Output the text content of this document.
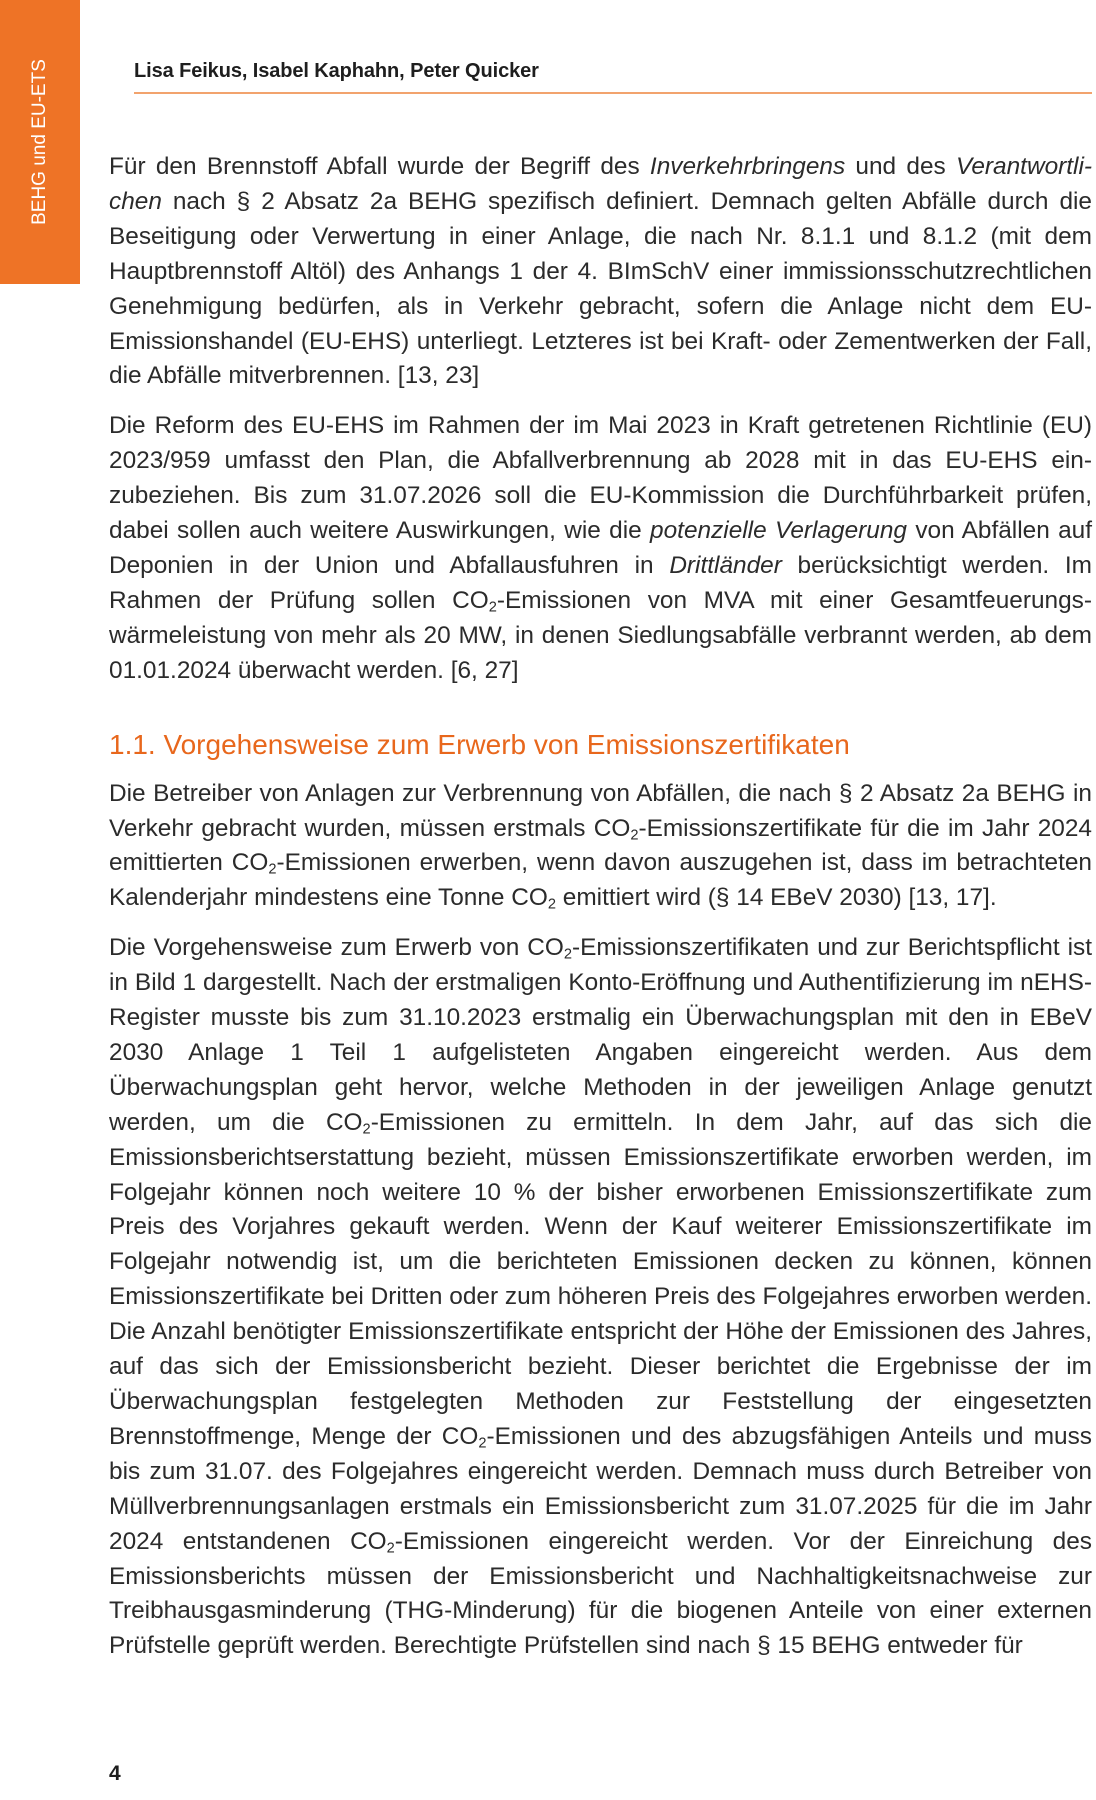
BEHG und EU-ETS	Lisa Feikus, Isabel Kaphahn, Peter Quicker

Für den Brennstoff Abfall wurde der Begriff des Inverkehrbringens und des Verantwortlichen nach § 2 Absatz 2a BEHG spezifisch definiert. Demnach gelten Abfälle durch die Beseitigung oder Verwertung in einer Anlage, die nach Nr. 8.1.1 und 8.1.2 (mit dem Hauptbrennstoff Altöl) des Anhangs 1 der 4. BImSchV einer immissionsschutzrechtlichen Genehmigung bedürfen, als in Verkehr gebracht, sofern die Anlage nicht dem EU-Emissionshandel (EU-EHS) unterliegt. Letzteres ist bei Kraft- oder Zementwerken der Fall, die Abfälle mitverbrennen. [13, 23]

Die Reform des EU-EHS im Rahmen der im Mai 2023 in Kraft getretenen Richtlinie (EU) 2023/959 umfasst den Plan, die Abfallverbrennung ab 2028 mit in das EU-EHS einzubeziehen. Bis zum 31.07.2026 soll die EU-Kommission die Durchführbarkeit prüfen, dabei sollen auch weitere Auswirkungen, wie die potenzielle Verlagerung von Abfällen auf Deponien in der Union und Abfallausfuhren in Drittländer berücksichtigt werden. Im Rahmen der Prüfung sollen $CO_2$-Emissionen von MVA mit einer Gesamtfeuerungswärmeleistung von mehr als 20 MW, in denen Siedlungsabfälle verbrannt werden, ab dem 01.01.2024 überwacht werden. [6, 27]

1.1. Vorgehensweise zum Erwerb von Emissionszertifikaten

Die Betreiber von Anlagen zur Verbrennung von Abfällen, die nach § 2 Absatz 2a BEHG in Verkehr gebracht wurden, müssen erstmals $CO_2$-Emissionszertifikate für die im Jahr 2024 emittierten $CO_2$-Emissionen erwerben, wenn davon auszugehen ist, dass im betrachteten Kalenderjahr mindestens eine Tonne $CO_2$ emittiert wird (§ 14 EBeV 2030) [13, 17].

Die Vorgehensweise zum Erwerb von $CO_2$-Emissionszertifikaten und zur Berichtspflicht ist in Bild 1 dargestellt. Nach der erstmaligen Konto-Eröffnung und Authentifizierung im nEHS-Register musste bis zum 31.10.2023 erstmalig ein Überwachungsplan mit den in EBeV 2030 Anlage 1 Teil 1 aufgelisteten Angaben eingereicht werden. Aus dem Überwachungsplan geht hervor, welche Methoden in der jeweiligen Anlage genutzt werden, um die $CO_2$-Emissionen zu ermitteln. In dem Jahr, auf das sich die Emissionsberichtserstattung bezieht, müssen Emissionszertifikate erworben werden, im Folgejahr können noch weitere 10 % der bisher erworbenen Emissionszertifikate zum Preis des Vorjahres gekauft werden. Wenn der Kauf weiterer Emissionszertifikate im Folgejahr notwendig ist, um die berichteten Emissionen decken zu können, können Emissionszertifikate bei Dritten oder zum höheren Preis des Folgejahres erworben werden. Die Anzahl benötigter Emissionszertifikate entspricht der Höhe der Emissionen des Jahres, auf das sich der Emissionsbericht bezieht. Dieser berichtet die Ergebnisse der im Überwachungsplan festgelegten Methoden zur Feststellung der eingesetzten Brennstoffmenge, Menge der $CO_2$-Emissionen und des abzugsfähigen Anteils und muss bis zum 31.07. des Folgejahres eingereicht werden. Demnach muss durch Betreiber von Müllverbrennungsanlagen erstmals ein Emissionsbericht zum 31.07.2025 für die im Jahr 2024 entstandenen $CO_2$-Emissionen eingereicht werden. Vor der Einreichung des Emissionsberichts müssen der Emissionsbericht und Nachhaltigkeitsnachweise zur Treibhausgasminderung (THG-Minderung) für die biogenen Anteile von einer externen Prüfstelle geprüft werden. Berechtigte Prüfstellen sind nach § 15 BEHG entweder für

4
